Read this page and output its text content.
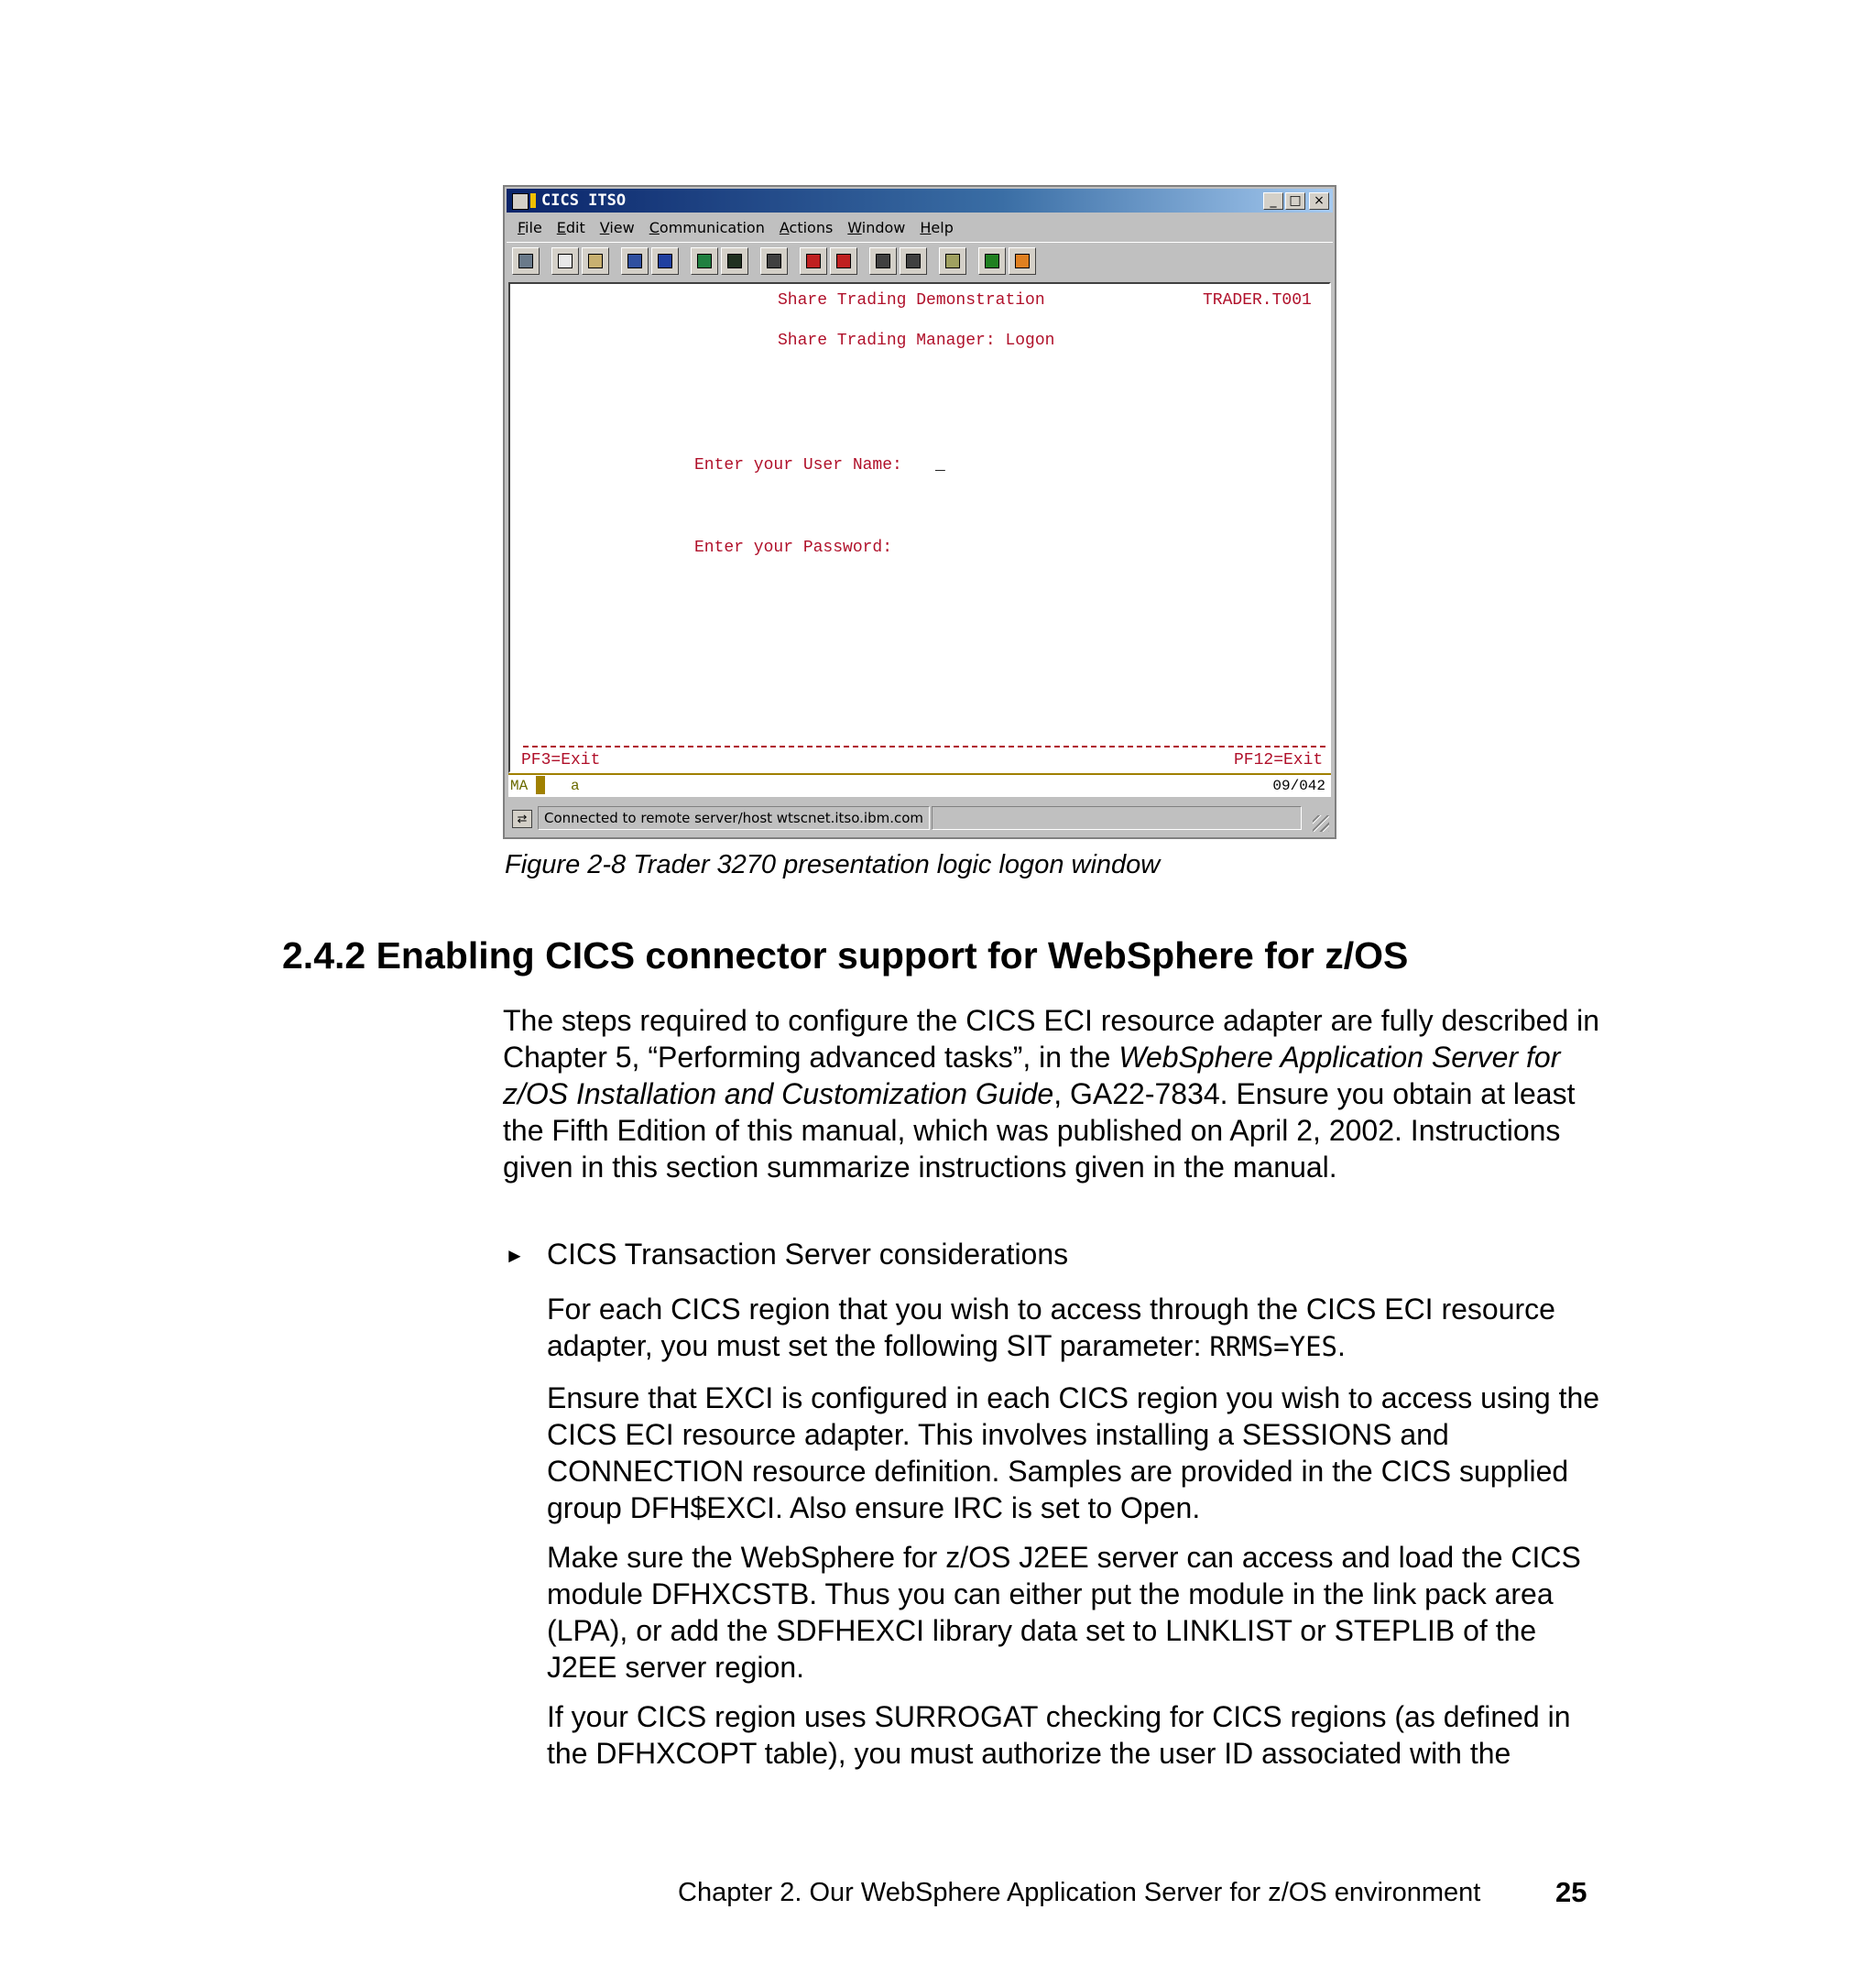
CICS ITSO	_ □ ×
File Edit View Communication Actions Window Help
Share Trading Demonstration	TRADER.T001
Share Trading Manager: Logon
Enter your User Name: _
Enter your Password:
PF3=Exit	PF12=Exit
MA	a	09/042
⇄	Connected to remote server/host wtscnet.itso.ibm.com
Figure 2-8 Trader 3270 presentation logic logon window
2.4.2 Enabling CICS connector support for WebSphere for z/OS
The steps required to configure the CICS ECI resource adapter are fully described in Chapter 5, “Performing advanced tasks”, in the WebSphere Application Server for z/OS Installation and Customization Guide, GA22-7834. Ensure you obtain at least the Fifth Edition of this manual, which was published on April 2, 2002. Instructions given in this section summarize instructions given in the manual.
► CICS Transaction Server considerations
For each CICS region that you wish to access through the CICS ECI resource adapter, you must set the following SIT parameter: RRMS=YES.
Ensure that EXCI is configured in each CICS region you wish to access using the CICS ECI resource adapter. This involves installing a SESSIONS and CONNECTION resource definition. Samples are provided in the CICS supplied group DFH$EXCI. Also ensure IRC is set to Open.
Make sure the WebSphere for z/OS J2EE server can access and load the CICS module DFHXCSTB. Thus you can either put the module in the link pack area (LPA), or add the SDFHEXCI library data set to LINKLIST or STEPLIB of the J2EE server region.
If your CICS region uses SURROGAT checking for CICS regions (as defined in the DFHXCOPT table), you must authorize the user ID associated with the
Chapter 2. Our WebSphere Application Server for z/OS environment	25
